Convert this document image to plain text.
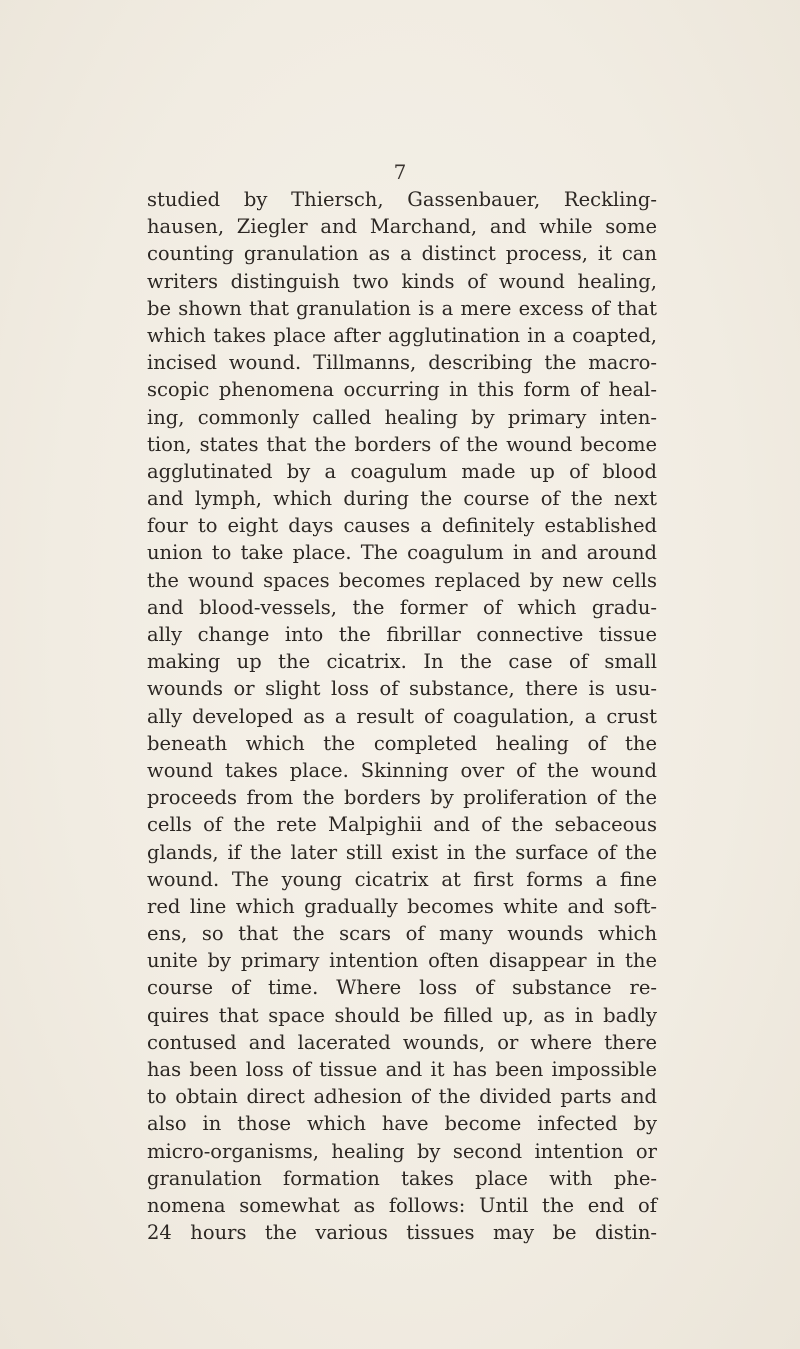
7
studied by Thiersch, Gassenbauer, Reckling-
hausen, Ziegler and Marchand, and while some
counting granulation as a distinct process, it can
writers distinguish two kinds of wound healing,
be shown that granulation is a mere excess of that
which takes place after agglutination in a coapted,
incised wound. Tillmanns, describing the macro-
scopic phenomena occurring in this form of heal-
ing, commonly called healing by primary inten-
tion, states that the borders of the wound become
agglutinated by a coagulum made up of blood
and lymph, which during the course of the next
four to eight days causes a definitely established
union to take place. The coagulum in and around
the wound spaces becomes replaced by new cells
and blood-vessels, the former of which gradu-
ally change into the fibrillar connective tissue
making up the cicatrix. In the case of small
wounds or slight loss of substance, there is usu-
ally developed as a result of coagulation, a crust
beneath which the completed healing of the
wound takes place. Skinning over of the wound
proceeds from the borders by proliferation of the
cells of the rete Malpighii and of the sebaceous
glands, if the later still exist in the surface of the
wound. The young cicatrix at first forms a fine
red line which gradually becomes white and soft-
ens, so that the scars of many wounds which
unite by primary intention often disappear in the
course of time. Where loss of substance re-
quires that space should be filled up, as in badly
contused and lacerated wounds, or where there
has been loss of tissue and it has been impossible
to obtain direct adhesion of the divided parts and
also in those which have become infected by
micro-organisms, healing by second intention or
granulation formation takes place with phe-
nomena somewhat as follows: Until the end of
24 hours the various tissues may be distin-
